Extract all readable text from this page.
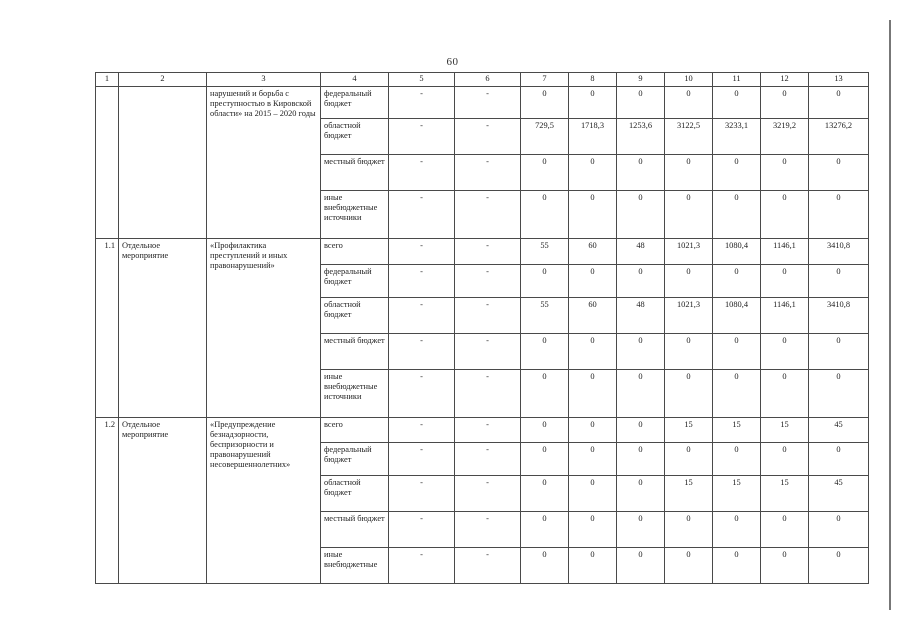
60
1	2	3	4	5	6	7	8	9	10	11	12	13
		нарушений и борьба с преступностью в Кировской области» на 2015 – 2020 годы	федеральный бюджет	-	-	0	0	0	0	0	0	0
			областной бюджет	-	-	729,5	1718,3	1253,6	3122,5	3233,1	3219,2	13276,2
			местный бюджет	-	-	0	0	0	0	0	0	0
			иные внебюджетные источники	-	-	0	0	0	0	0	0	0
1.1	Отдельное мероприятие	«Профилактика преступлений и иных правонарушений»	всего	-	-	55	60	48	1021,3	1080,4	1146,1	3410,8
			федеральный бюджет	-	-	0	0	0	0	0	0	0
			областной бюджет	-	-	55	60	48	1021,3	1080,4	1146,1	3410,8
			местный бюджет	-	-	0	0	0	0	0	0	0
			иные внебюджетные источники	-	-	0	0	0	0	0	0	0
1.2	Отдельное мероприятие	«Предупреждение безнадзорности, беспризорности и правонарушений несовершеннолетних»	всего	-	-	0	0	0	15	15	15	45
			федеральный бюджет	-	-	0	0	0	0	0	0	0
			областной бюджет	-	-	0	0	0	15	15	15	45
			местный бюджет	-	-	0	0	0	0	0	0	0
			иные внебюджетные	-	-	0	0	0	0	0	0	0
